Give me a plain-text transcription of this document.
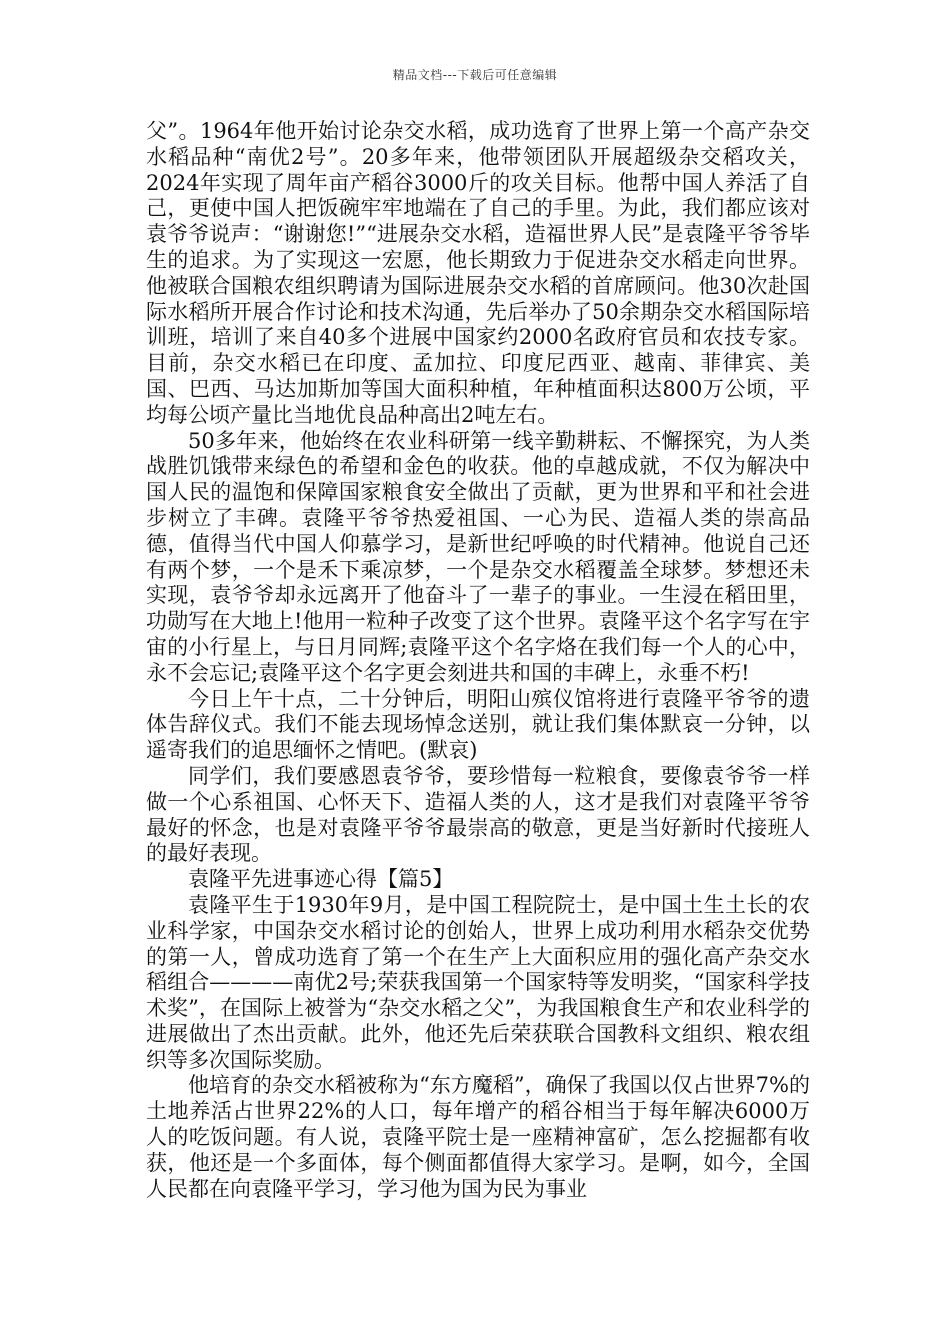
精品文档---下载后可任意编辑

父”。1964年他开始讨论杂交水稻，成功选育了世界上第一个高产杂交水稻品种“南优2号”。20多年来，他带领团队开展超级杂交稻攻关，2024年实现了周年亩产稻谷3000斤的攻关目标。他帮中国人养活了自己，更使中国人把饭碗牢牢地端在了自己的手里。为此，我们都应该对袁爷爷说声：“谢谢您!”“进展杂交水稻，造福世界人民”是袁隆平爷爷毕生的追求。为了实现这一宏愿，他长期致力于促进杂交水稻走向世界。他被联合国粮农组织聘请为国际进展杂交水稻的首席顾问。他30次赴国际水稻所开展合作讨论和技术沟通，先后举办了50余期杂交水稻国际培训班，培训了来自40多个进展中国家约2000名政府官员和农技专家。目前，杂交水稻已在印度、孟加拉、印度尼西亚、越南、菲律宾、美国、巴西、马达加斯加等国大面积种植，年种植面积达800万公顷，平均每公顷产量比当地优良品种高出2吨左右。

50多年来，他始终在农业科研第一线辛勤耕耘、不懈探究，为人类战胜饥饿带来绿色的希望和金色的收获。他的卓越成就，不仅为解决中国人民的温饱和保障国家粮食安全做出了贡献，更为世界和平和社会进步树立了丰碑。袁隆平爷爷热爱祖国、一心为民、造福人类的崇高品德，值得当代中国人仰慕学习，是新世纪呼唤的时代精神。他说自己还有两个梦，一个是禾下乘凉梦，一个是杂交水稻覆盖全球梦。梦想还未实现，袁爷爷却永远离开了他奋斗了一辈子的事业。一生浸在稻田里，功勋写在大地上!他用一粒种子改变了这个世界。袁隆平这个名字写在宇宙的小行星上，与日月同辉;袁隆平这个名字烙在我们每一个人的心中，永不会忘记;袁隆平这个名字更会刻进共和国的丰碑上，永垂不朽!

今日上午十点，二十分钟后，明阳山殡仪馆将进行袁隆平爷爷的遗体告辞仪式。我们不能去现场悼念送别，就让我们集体默哀一分钟，以遥寄我们的追思缅怀之情吧。(默哀)

同学们，我们要感恩袁爷爷，要珍惜每一粒粮食，要像袁爷爷一样做一个心系祖国、心怀天下、造福人类的人，这才是我们对袁隆平爷爷最好的怀念，也是对袁隆平爷爷最崇高的敬意，更是当好新时代接班人的最好表现。

袁隆平先进事迹心得【篇5】

袁隆平生于1930年9月，是中国工程院院士，是中国土生土长的农业科学家，中国杂交水稻讨论的创始人，世界上成功利用水稻杂交优势的第一人，曾成功选育了第一个在生产上大面积应用的强化高产杂交水稻组合————南优2号;荣获我国第一个国家特等发明奖，“国家科学技术奖”，在国际上被誉为“杂交水稻之父”，为我国粮食生产和农业科学的进展做出了杰出贡献。此外，他还先后荣获联合国教科文组织、粮农组织等多次国际奖励。

他培育的杂交水稻被称为“东方魔稻”，确保了我国以仅占世界7%的土地养活占世界22%的人口，每年增产的稻谷相当于每年解决6000万人的吃饭问题。有人说，袁隆平院士是一座精神富矿，怎么挖掘都有收获，他还是一个多面体，每个侧面都值得大家学习。是啊，如今，全国人民都在向袁隆平学习，学习他为国为民为事业
